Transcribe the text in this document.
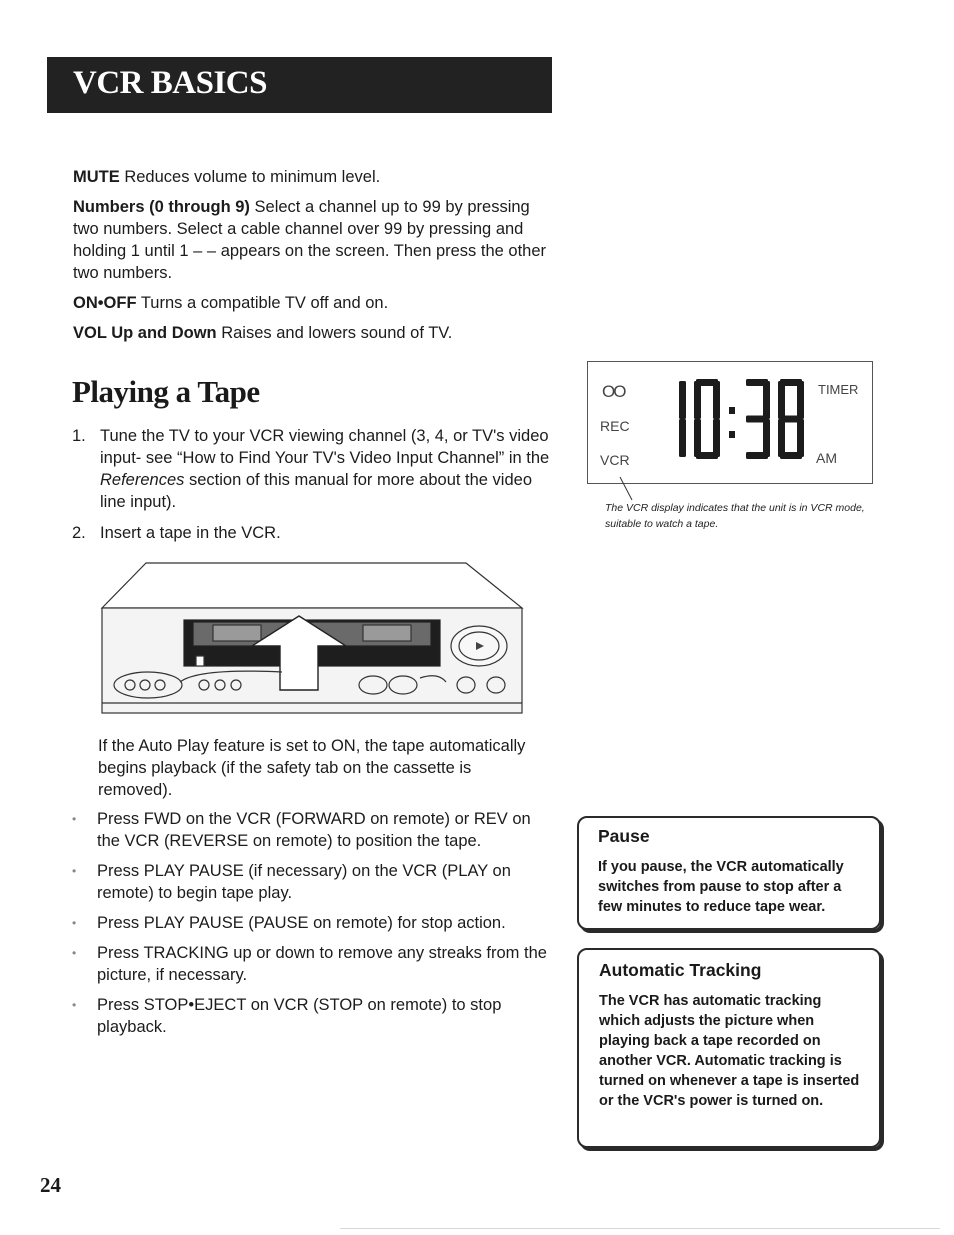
VCR BASICS

MUTE Reduces volume to minimum level.

Numbers (0 through 9) Select a channel up to 99 by pressing two numbers. Select a cable channel over 99 by pressing and holding 1 until 1 – – appears on the screen. Then press the other two numbers.

ON•OFF Turns a compatible TV off and on.

VOL Up and Down Raises and lowers sound of TV.

Playing a Tape
1. Tune the TV to your VCR viewing channel (3, 4, or TV's video input- see “How to Find Your TV's Video Input Channel” in the References section of this manual for more about the video line input).
2. Insert a tape in the VCR.

If the Auto Play feature is set to ON, the tape automatically begins playback (if the safety tab on the cassette is removed).

• Press FWD on the VCR (FORWARD on remote) or REV on the VCR (REVERSE on remote) to position the tape.
• Press PLAY PAUSE (if necessary) on the VCR (PLAY on remote) to begin tape play.
• Press PLAY PAUSE (PAUSE on remote) for stop action.
• Press TRACKING up or down to remove any streaks from the picture, if necessary.
• Press STOP•EJECT on VCR (STOP on remote) to stop playback.
OO
REC
VCR
TIMER
AM

The VCR display indicates that the unit is in VCR mode, suitable to watch a tape.

Pause

If you pause, the VCR automatically switches from pause to stop after a few minutes to reduce tape wear.

Automatic Tracking

The VCR has automatic tracking which adjusts the picture when playing back a tape recorded on another VCR. Automatic tracking is turned on whenever a tape is inserted or the VCR's power is turned on.

24
